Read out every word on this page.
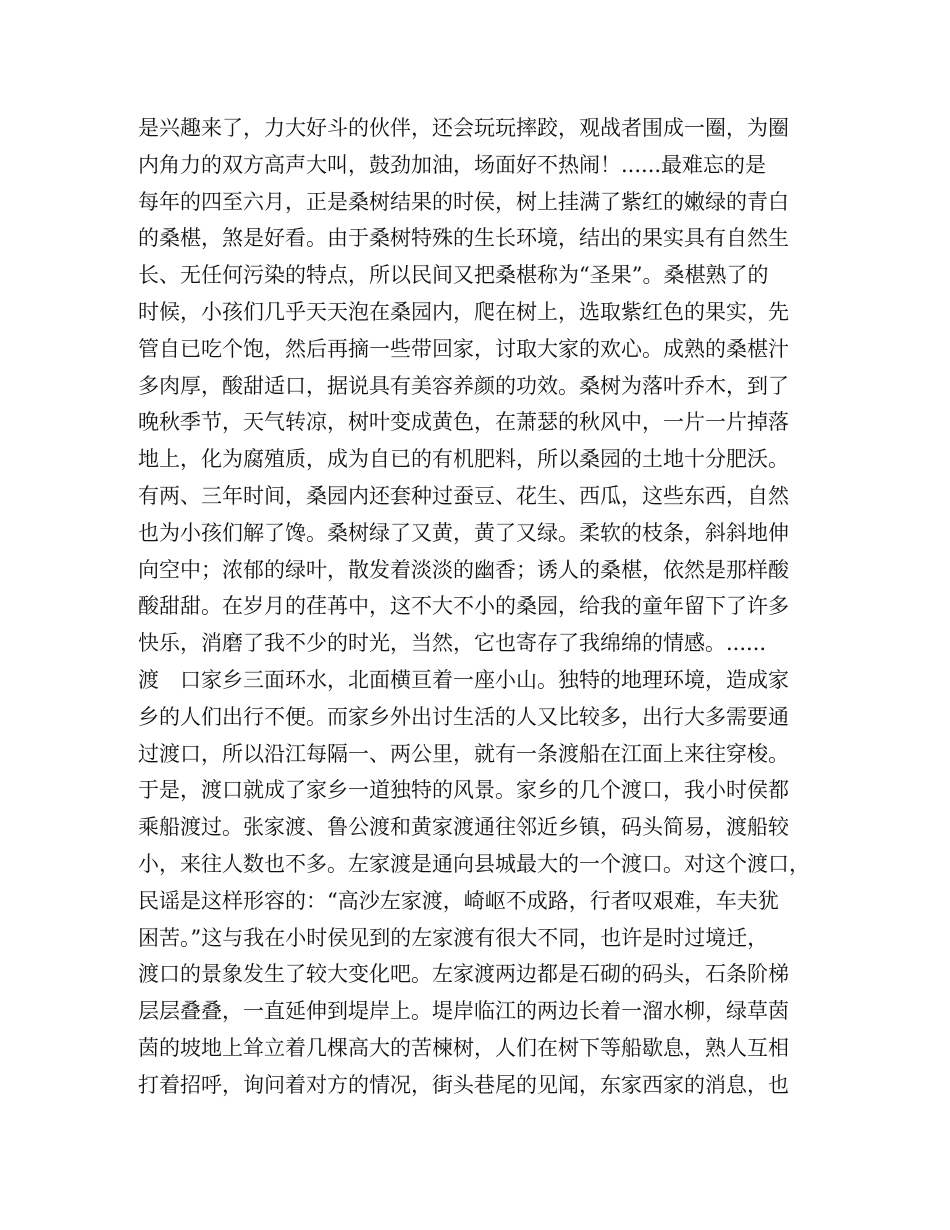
是兴趣来了，力大好斗的伙伴，还会玩玩摔跤，观战者围成一圈，为圈
内角力的双方高声大叫，鼓劲加油，场面好不热闹！......最难忘的是
每年的四至六月，正是桑树结果的时侯，树上挂满了紫红的嫩绿的青白
的桑椹，煞是好看。由于桑树特殊的生长环境，结出的果实具有自然生
长、无任何污染的特点，所以民间又把桑椹称为“圣果”。桑椹熟了的
时候，小孩们几乎天天泡在桑园内，爬在树上，选取紫红色的果实，先
管自已吃个饱，然后再摘一些带回家，讨取大家的欢心。成熟的桑椹汁
多肉厚，酸甜适口，据说具有美容养颜的功效。桑树为落叶乔木，到了
晚秋季节，天气转凉，树叶变成黄色，在萧瑟的秋风中，一片一片掉落
地上，化为腐殖质，成为自已的有机肥料，所以桑园的土地十分肥沃。
有两、三年时间，桑园内还套种过蚕豆、花生、西瓜，这些东西，自然
也为小孩们解了馋。桑树绿了又黄，黄了又绿。柔软的枝条，斜斜地伸
向空中；浓郁的绿叶，散发着淡淡的幽香；诱人的桑椹，依然是那样酸
酸甜甜。在岁月的荏苒中，这不大不小的桑园，给我的童年留下了许多
快乐，消磨了我不少的时光，当然，它也寄存了我绵绵的情感。......
渡　口家乡三面环水，北面横亘着一座小山。独特的地理环境，造成家
乡的人们出行不便。而家乡外出讨生活的人又比较多，出行大多需要通
过渡口，所以沿江每隔一、两公里，就有一条渡船在江面上来往穿梭。
于是，渡口就成了家乡一道独特的风景。家乡的几个渡口，我小时侯都
乘船渡过。张家渡、鲁公渡和黄家渡通往邻近乡镇，码头简易，渡船较
小，来往人数也不多。左家渡是通向县城最大的一个渡口。对这个渡口，
民谣是这样形容的：“高沙左家渡，崎岖不成路，行者叹艰难，车夫犹
困苦。”这与我在小时侯见到的左家渡有很大不同，也许是时过境迁，
渡口的景象发生了较大变化吧。左家渡两边都是石砌的码头，石条阶梯
层层叠叠，一直延伸到堤岸上。堤岸临江的两边长着一溜水柳，绿草茵
茵的坡地上耸立着几棵高大的苦楝树，人们在树下等船歇息，熟人互相
打着招呼，询问着对方的情况，街头巷尾的见闻，东家西家的消息，也
